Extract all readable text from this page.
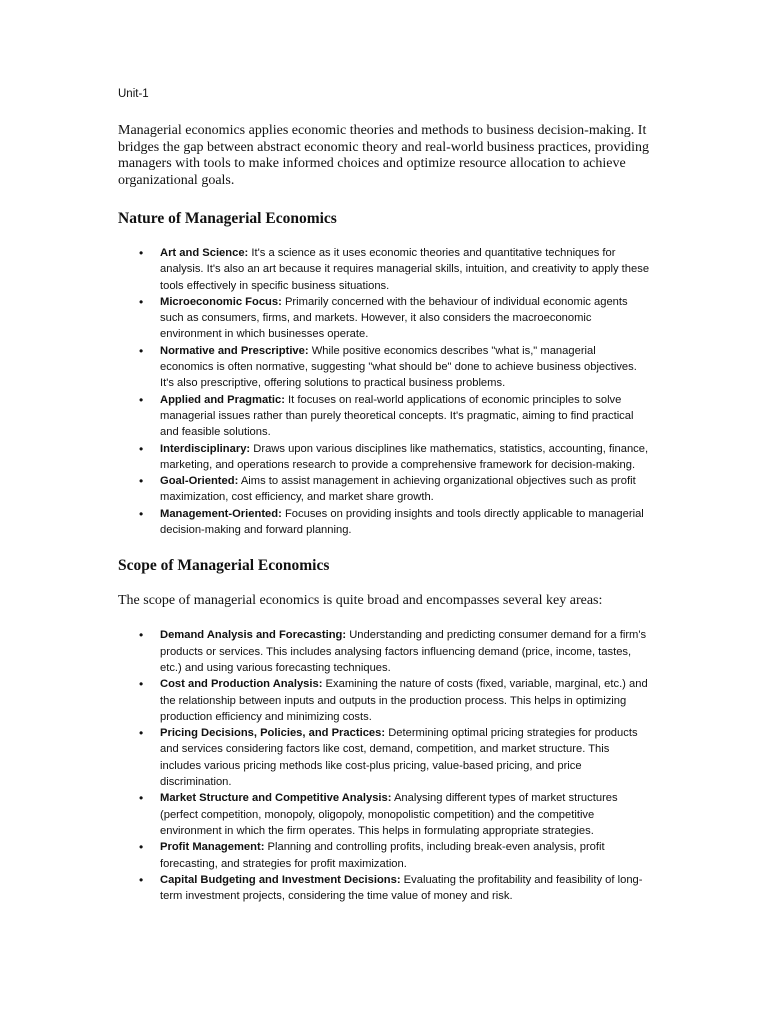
Unit-1

Managerial economics applies economic theories and methods to business decision-making. It bridges the gap between abstract economic theory and real-world business practices, providing managers with tools to make informed choices and optimize resource allocation to achieve organizational goals.

Nature of Managerial Economics
• Art and Science: It's a science as it uses economic theories and quantitative techniques for analysis. It's also an art because it requires managerial skills, intuition, and creativity to apply these tools effectively in specific business situations.
• Microeconomic Focus: Primarily concerned with the behaviour of individual economic agents such as consumers, firms, and markets. However, it also considers the macroeconomic environment in which businesses operate.
• Normative and Prescriptive: While positive economics describes "what is," managerial economics is often normative, suggesting "what should be" done to achieve business objectives. It's also prescriptive, offering solutions to practical business problems.
• Applied and Pragmatic: It focuses on real-world applications of economic principles to solve managerial issues rather than purely theoretical concepts. It's pragmatic, aiming to find practical and feasible solutions.
• Interdisciplinary: Draws upon various disciplines like mathematics, statistics, accounting, finance, marketing, and operations research to provide a comprehensive framework for decision-making.
• Goal-Oriented: Aims to assist management in achieving organizational objectives such as profit maximization, cost efficiency, and market share growth.
• Management-Oriented: Focuses on providing insights and tools directly applicable to managerial decision-making and forward planning.
Scope of Managerial Economics

The scope of managerial economics is quite broad and encompasses several key areas:

• Demand Analysis and Forecasting: Understanding and predicting consumer demand for a firm's products or services. This includes analysing factors influencing demand (price, income, tastes, etc.) and using various forecasting techniques.
• Cost and Production Analysis: Examining the nature of costs (fixed, variable, marginal, etc.) and the relationship between inputs and outputs in the production process. This helps in optimizing production efficiency and minimizing costs.
• Pricing Decisions, Policies, and Practices: Determining optimal pricing strategies for products and services considering factors like cost, demand, competition, and market structure. This includes various pricing methods like cost-plus pricing, value-based pricing, and price discrimination.
• Market Structure and Competitive Analysis: Analysing different types of market structures (perfect competition, monopoly, oligopoly, monopolistic competition) and the competitive environment in which the firm operates. This helps in formulating appropriate strategies.
• Profit Management: Planning and controlling profits, including break-even analysis, profit forecasting, and strategies for profit maximization.
• Capital Budgeting and Investment Decisions: Evaluating the profitability and feasibility of long-term investment projects, considering the time value of money and risk.
